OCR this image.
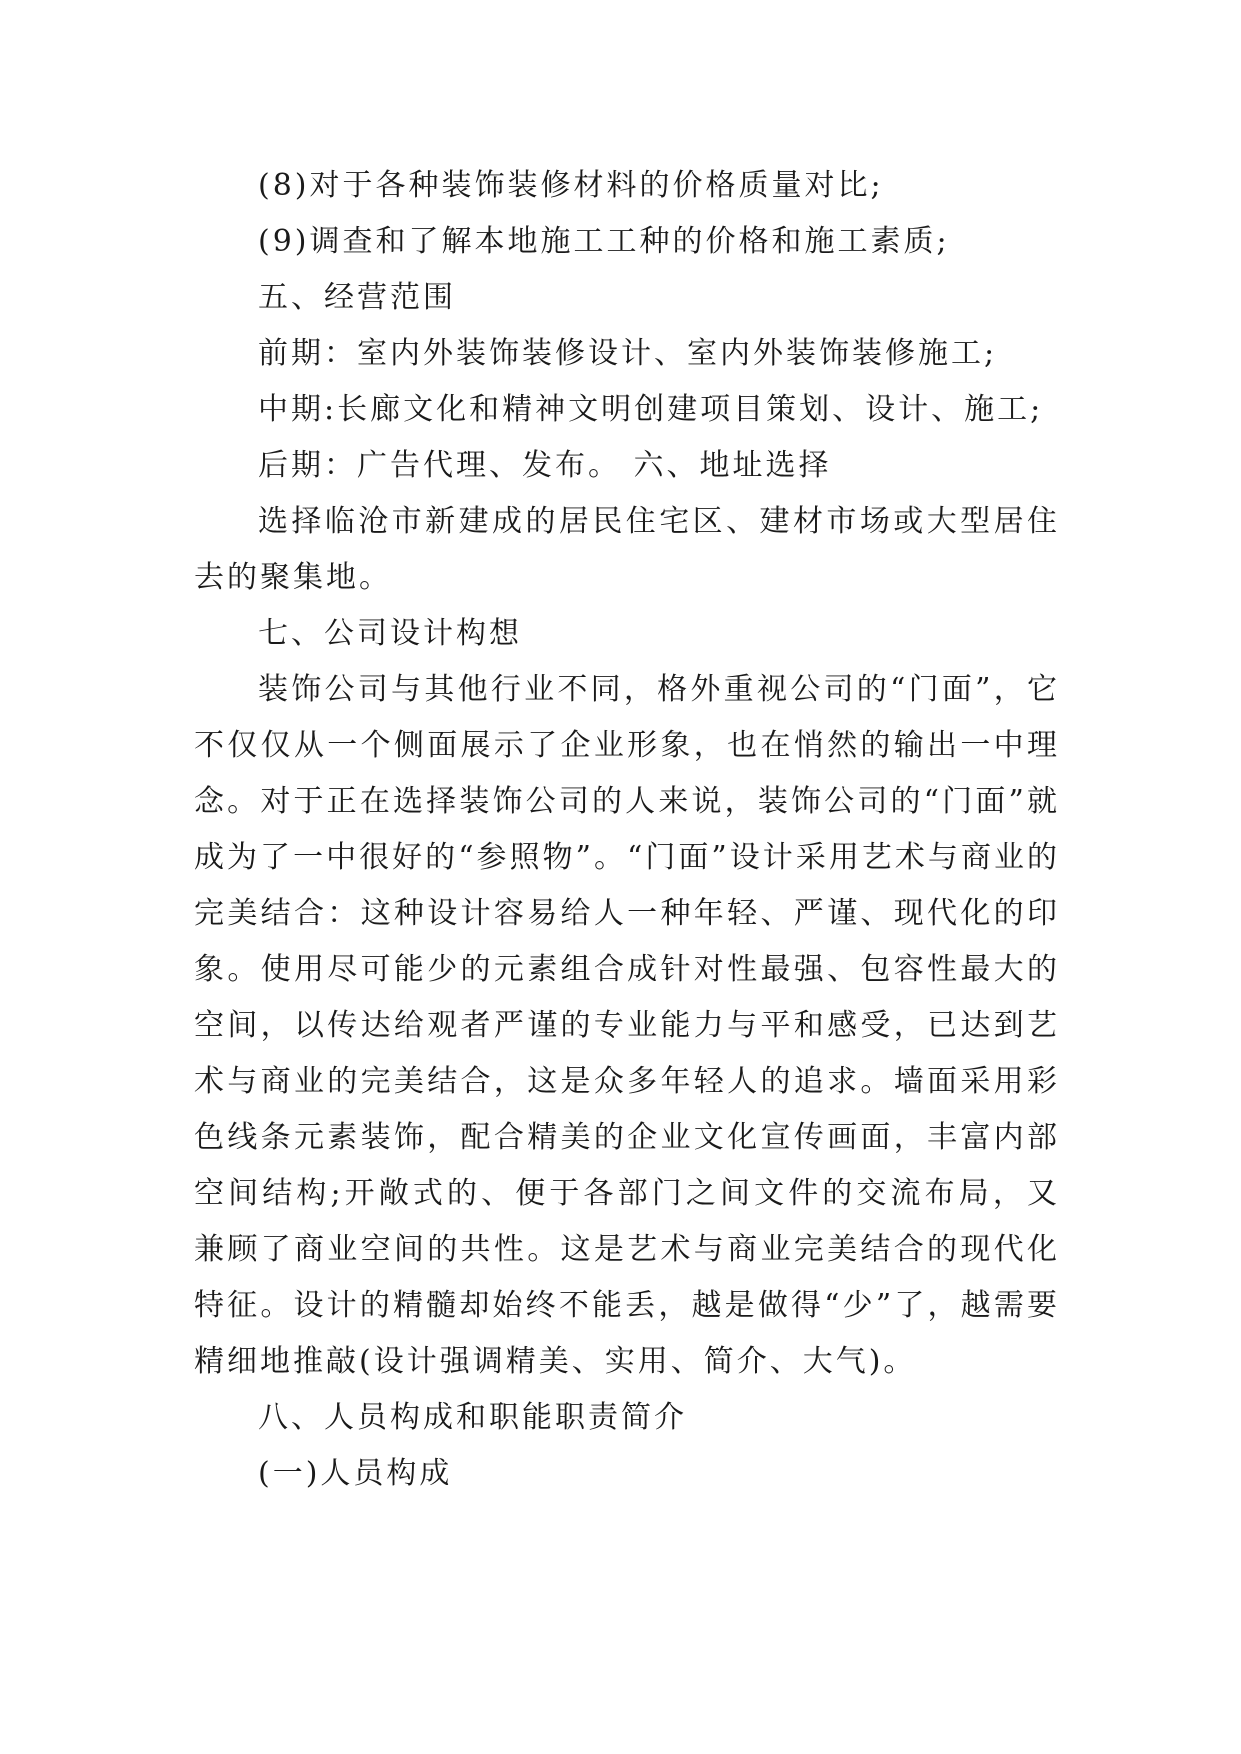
(8)对于各种装饰装修材料的价格质量对比;

(9)调查和了解本地施工工种的价格和施工素质;

五、经营范围

前期：室内外装饰装修设计、室内外装饰装修施工;

中期:长廊文化和精神文明创建项目策划、设计、施工;

后期：广告代理、发布。 六、地址选择

选择临沧市新建成的居民住宅区、建材市场或大型居住去的聚集地。

七、公司设计构想

装饰公司与其他行业不同，格外重视公司的“门面”，它不仅仅从一个侧面展示了企业形象，也在悄然的输出一中理念。对于正在选择装饰公司的人来说，装饰公司的“门面”就成为了一中很好的“参照物”。“门面”设计采用艺术与商业的完美结合：这种设计容易给人一种年轻、严谨、现代化的印象。使用尽可能少的元素组合成针对性最强、包容性最大的空间，以传达给观者严谨的专业能力与平和感受，已达到艺术与商业的完美结合，这是众多年轻人的追求。墙面采用彩色线条元素装饰，配合精美的企业文化宣传画面，丰富内部空间结构;开敞式的、便于各部门之间文件的交流布局，又兼顾了商业空间的共性。这是艺术与商业完美结合的现代化特征。设计的精髓却始终不能丢，越是做得“少”了，越需要精细地推敲(设计强调精美、实用、简介、大气)。

八、人员构成和职能职责简介

(一)人员构成
